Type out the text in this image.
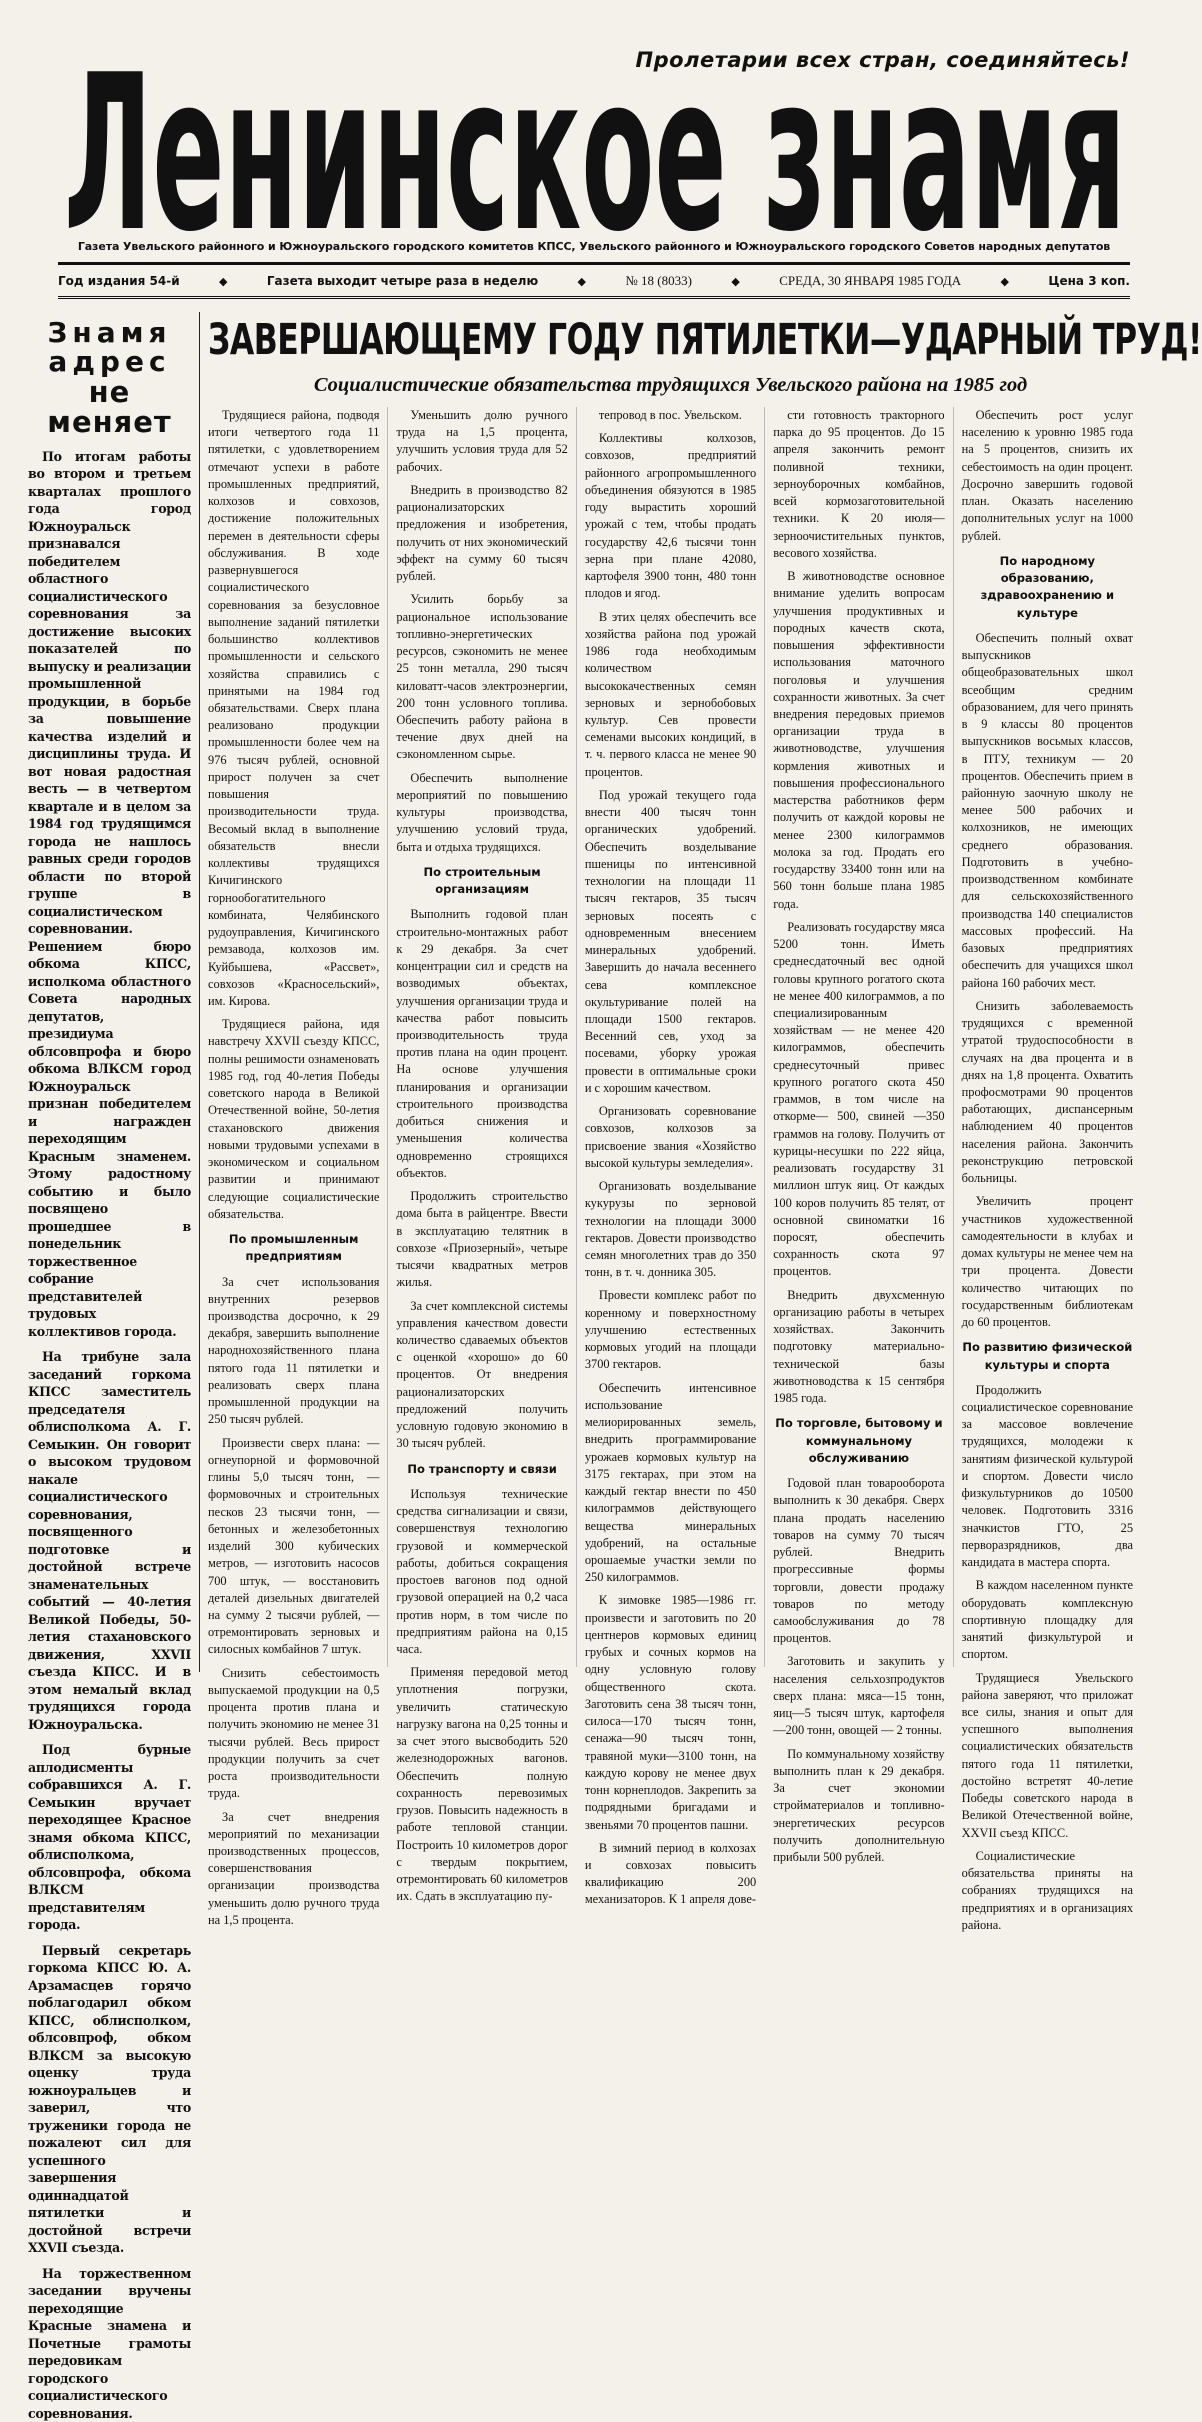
Пролетарии всех стран, соединяйтесь!
Ленинское знамя
Газета Увельского районного и Южноуральского городского комитетов КПСС, Увельского районного и Южноуральского городского Советов народных депутатов
Год издания 54-й	◆	Газета выходит четыре раза в неделю	◆	№ 18 (8033)	◆	СРЕДА, 30 ЯНВАРЯ 1985 ГОДА	◆	Цена 3 коп.
Знамя
адрес
не меняет

По итогам работы во втором и третьем кварталах прошлого года город Южноуральск признавался победителем областного социалистического соревнования за достижение высоких показателей по выпуску и реализации промышленной продукции, в борьбе за повышение качества изделий и дисциплины труда. И вот новая радостная весть — в четвертом квартале и в целом за 1984 год трудящимся города не нашлось равных среди городов области по второй группе в социалистическом соревновании. Решением бюро обкома КПСС, исполкома областного Совета народных депутатов, президиума облсовпрофа и бюро обкома ВЛКСМ город Южноуральск признан победителем и награжден переходящим Красным знаменем. Этому радостному событию и было посвящено прошедшее в понедельник торжественное собрание представителей трудовых коллективов города.

На трибуне зала заседаний горкома КПСС заместитель председателя облисполкома А. Г. Семыкин. Он говорит о высоком трудовом накале социалистического соревнования, посвященного подготовке и достойной встрече знаменательных событий — 40-летия Великой Победы, 50-летия стахановского движения, XXVII съезда КПСС. И в этом немалый вклад трудящихся города Южноуральска.

Под бурные аплодисменты собравшихся А. Г. Семыкин вручает переходящее Красное знамя обкома КПСС, облисполкома, облсовпрофа, обкома ВЛКСМ представителям города.

Первый секретарь горкома КПСС Ю. А. Арзамасцев горячо поблагодарил обком КПСС, облисполком, облсовпроф, обком ВЛКСМ за высокую оценку труда южноуральцев и заверил, что труженики города не пожалеют сил для успешного завершения одиннадцатой пятилетки и достойной встречи XXVII съезда.

На торжественном заседании вручены переходящие Красные знамена и Почетные грамоты передовикам городского социалистического соревнования.

ЗАВЕРШАЮЩЕМУ ГОДУ ПЯТИЛЕТКИ—УДАРНЫЙ ТРУД!
Социалистические обязательства трудящихся Увельского района на 1985 год

Трудящиеся района, подводя итоги четвертого года 11 пятилетки, с удовлетворением отмечают успехи в работе промышленных предприятий, колхозов и совхозов, достижение положительных перемен в деятельности сферы обслуживания. В ходе развернувшегося социалистического соревнования за безусловное выполнение заданий пятилетки большинство коллективов промышленности и сельского хозяйства справились с принятыми на 1984 год обязательствами. Сверх плана реализовано продукции промышленности более чем на 976 тысяч рублей, основной прирост получен за счет повышения производительности труда. Весомый вклад в выполнение обязательств внесли коллективы трудящихся Кичигинского горнообогатительного комбината, Челябинского рудоуправления, Кичигинского ремзавода, колхозов им. Куйбышева, «Рассвет», совхозов «Красносельский», им. Кирова.

Трудящиеся района, идя навстречу XXVII съезду КПСС, полны решимости ознаменовать 1985 год, год 40-летия Победы советского народа в Великой Отечественной войне, 50-летия стахановского движения новыми трудовыми успехами в экономическом и социальном развитии и принимают следующие социалистические обязательства.

По промышленным предприятиям

За счет использования внутренних резервов производства досрочно, к 29 декабря, завершить выполнение народнохозяйственного плана пятого года 11 пятилетки и реализовать сверх плана промышленной продукции на 250 тысяч рублей.

Произвести сверх плана: —огнеупорной и формовочной глины 5,0 тысяч тонн, —формовочных и строительных песков 23 тысячи тонн, —бетонных и железобетонных изделий 300 кубических метров, — изготовить насосов 700 штук, — восстановить деталей дизельных двигателей на сумму 2 тысячи рублей, —отремонтировать зерновых и силосных комбайнов 7 штук.

Снизить себестоимость выпускаемой продукции на 0,5 процента против плана и получить экономию не менее 31 тысячи рублей. Весь прирост продукции получить за счет роста производительности труда.

За счет внедрения мероприятий по механизации производственных процессов, совершенствования организации производства уменьшить долю ручного труда на 1,5 процента.

Уменьшить долю ручного труда на 1,5 процента, улучшить условия труда для 52 рабочих.

Внедрить в производство 82 рационализаторских предложения и изобретения, получить от них экономический эффект на сумму 60 тысяч рублей.

Усилить борьбу за рациональное использование топливно-энергетических ресурсов, сэкономить не менее 25 тонн металла, 290 тысяч киловатт-часов электроэнергии, 200 тонн условного топлива. Обеспечить работу района в течение двух дней на сэкономленном сырье.

Обеспечить выполнение мероприятий по повышению культуры производства, улучшению условий труда, быта и отдыха трудящихся.

По строительным организациям

Выполнить годовой план строительно-монтажных работ к 29 декабря. За счет концентрации сил и средств на возводимых объектах, улучшения организации труда и качества работ повысить производительность труда против плана на один процент. На основе улучшения планирования и организации строительного производства добиться снижения и уменьшения количества одновременно строящихся объектов.

Продолжить строительство дома быта в райцентре. Ввести в эксплуатацию телятник в совхозе «Приозерный», четыре тысячи квадратных метров жилья.

За счет комплексной системы управления качеством довести количество сдаваемых объектов с оценкой «хорошо» до 60 процентов. От внедрения рационализаторских предложений получить условную годовую экономию в 30 тысяч рублей.

По транспорту и связи

Используя технические средства сигнализации и связи, совершенствуя технологию грузовой и коммерческой работы, добиться сокращения простоев вагонов под одной грузовой операцией на 0,2 часа против норм, в том числе по предприятиям района на 0,15 часа.

Применяя передовой метод уплотнения погрузки, увеличить статическую нагрузку вагона на 0,25 тонны и за счет этого высвободить 520 железнодорожных вагонов. Обеспечить полную сохранность перевозимых грузов. Повысить надежность в работе тепловой станции. Построить 10 километров дорог с твердым покрытием, отремонтировать 60 километров их. Сдать в эксплуатацию пу-

тепровод в пос. Увельском.

Коллективы колхозов, совхозов, предприятий районного агропромышленного объединения обязуются в 1985 году вырастить хороший урожай с тем, чтобы продать государству 42,6 тысячи тонн зерна при плане 42080, картофеля 3900 тонн, 480 тонн плодов и ягод.

В этих целях обеспечить все хозяйства района под урожай 1986 года необходимым количеством высококачественных семян зерновых и зернобобовых культур. Сев провести семенами высоких кондиций, в т. ч. первого класса не менее 90 процентов.

Под урожай текущего года внести 400 тысяч тонн органических удобрений. Обеспечить возделывание пшеницы по интенсивной технологии на площади 11 тысяч гектаров, 35 тысяч зерновых посеять с одновременным внесением минеральных удобрений. Завершить до начала весеннего сева комплексное окультуривание полей на площади 1500 гектаров. Весенний сев, уход за посевами, уборку урожая провести в оптимальные сроки и с хорошим качеством.

Организовать соревнование совхозов, колхозов за присвоение звания «Хозяйство высокой культуры земледелия».

Организовать возделывание кукурузы по зерновой технологии на площади 3000 гектаров. Довести производство семян многолетних трав до 350 тонн, в т. ч. донника 305.

Провести комплекс работ по коренному и поверхностному улучшению естественных кормовых угодий на площади 3700 гектаров.

Обеспечить интенсивное использование мелиорированных земель, внедрить программирование урожаев кормовых культур на 3175 гектарах, при этом на каждый гектар внести по 450 килограммов действующего вещества минеральных удобрений, на остальные орошаемые участки земли по 250 килограммов.

К зимовке 1985—1986 гг. произвести и заготовить по 20 центнеров кормовых единиц грубых и сочных кормов на одну условную голову общественного скота. Заготовить сена 38 тысяч тонн, силоса—170 тысяч тонн, сенажа—90 тысяч тонн, травяной муки—3100 тонн, на каждую корову не менее двух тонн корнеплодов. Закрепить за подрядными бригадами и звеньями 70 процентов пашни.

В зимний период в колхозах и совхозах повысить квалификацию 200 механизаторов. К 1 апреля дове-

сти готовность тракторного парка до 95 процентов. До 15 апреля закончить ремонт поливной техники, зерноуборочных комбайнов, всей кормозаготовительной техники. К 20 июля— зерноочистительных пунктов, весового хозяйства.

В животноводстве основное внимание уделить вопросам улучшения продуктивных и породных качеств скота, повышения эффективности использования маточного поголовья и улучшения сохранности животных. За счет внедрения передовых приемов организации труда в животноводстве, улучшения кормления животных и повышения профессионального мастерства работников ферм получить от каждой коровы не менее 2300 килограммов молока за год. Продать его государству 33400 тонн или на 560 тонн больше плана 1985 года.

Реализовать государству мяса 5200 тонн. Иметь среднесдаточный вес одной головы крупного рогатого скота не менее 400 килограммов, а по специализированным хозяйствам — не менее 420 килограммов, обеспечить среднесуточный привес крупного рогатого скота 450 граммов, в том числе на откорме— 500, свиней —350 граммов на голову. Получить от курицы-несушки по 222 яйца, реализовать государству 31 миллион штук яиц. От каждых 100 коров получить 85 телят, от основной свиноматки 16 поросят, обеспечить сохранность скота 97 процентов.

Внедрить двухсменную организацию работы в четырех хозяйствах. Закончить подготовку материально-технической базы животноводства к 15 сентября 1985 года.

По торговле, бытовому и коммунальному обслуживанию

Годовой план товарооборота выполнить к 30 декабря. Сверх плана продать населению товаров на сумму 70 тысяч рублей. Внедрить прогрессивные формы торговли, довести продажу товаров по методу самообслуживания до 78 процентов.

Заготовить и закупить у населения сельхозпродуктов сверх плана: мяса—15 тонн, яиц—5 тысяч штук, картофеля—200 тонн, овощей — 2 тонны.

По коммунальному хозяйству выполнить план к 29 декабря. За счет экономии стройматериалов и топливно-энергетических ресурсов получить дополнительную прибыли 500 рублей.

Обеспечить рост услуг населению к уровню 1985 года на 5 процентов, снизить их себестоимость на один процент. Досрочно завершить годовой план. Оказать населению дополнительных услуг на 1000 рублей.

По народному образованию, здравоохранению и культуре

Обеспечить полный охват выпускников общеобразовательных школ всеобщим средним образованием, для чего принять в 9 классы 80 процентов выпускников восьмых классов, в ПТУ, техникум — 20 процентов. Обеспечить прием в районную заочную школу не менее 500 рабочих и колхозников, не имеющих среднего образования. Подготовить в учебно-производственном комбинате для сельскохозяйственного производства 140 специалистов массовых профессий. На базовых предприятиях обеспечить для учащихся школ района 160 рабочих мест.

Снизить заболеваемость трудящихся с временной утратой трудоспособности в случаях на два процента и в днях на 1,8 процента. Охватить профосмотрами 90 процентов работающих, диспансерным наблюдением 40 процентов населения района. Закончить реконструкцию петровской больницы.

Увеличить процент участников художественной самодеятельности в клубах и домах культуры не менее чем на три процента. Довести количество читающих по государственным библиотекам до 60 процентов.

По развитию физической культуры и спорта

Продолжить социалистическое соревнование за массовое вовлечение трудящихся, молодежи к занятиям физической культурой и спортом. Довести число физкультурников до 10500 человек. Подготовить 3316 значкистов ГТО, 25 перворазрядников, два кандидата в мастера спорта.

В каждом населенном пункте оборудовать комплексную спортивную площадку для занятий физкультурой и спортом.

Трудящиеся Увельского района заверяют, что приложат все силы, знания и опыт для успешного выполнения социалистических обязательств пятого года 11 пятилетки, достойно встретят 40-летие Победы советского народа в Великой Отечественной войне, XXVII съезд КПСС.

Социалистические обязательства приняты на собраниях трудящихся на предприятиях и в организациях района.
